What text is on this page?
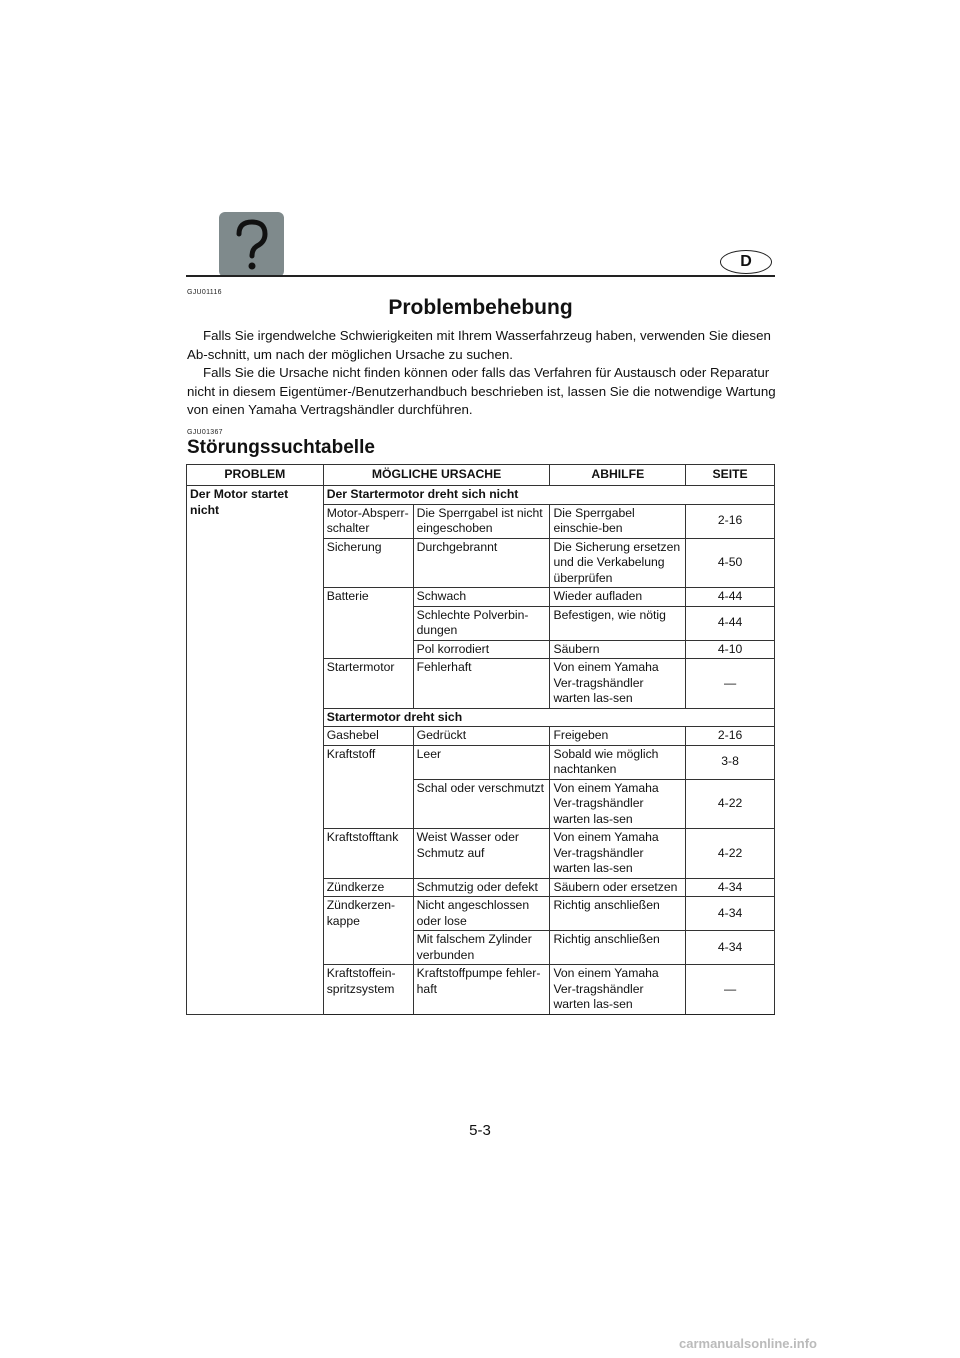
D
GJU01116
Problembehebung

Falls Sie irgendwelche Schwierigkeiten mit Ihrem Wasserfahrzeug haben, verwenden Sie diesen Ab-schnitt, um nach der möglichen Ursache zu suchen.

Falls Sie die Ursache nicht finden können oder falls das Verfahren für Austausch oder Reparatur nicht in diesem Eigentümer-/Benutzerhandbuch beschrieben ist, lassen Sie die notwendige Wartung von einen Yamaha Vertragshändler durchführen.

GJU01367
Störungssuchtabelle
PROBLEM	MÖGLICHE URSACHE		ABHILFE	SEITE
Der Motor startet nicht	Der Startermotor dreht sich nicht			
	Motor-Absperr-schalter	Die Sperrgabel ist nicht eingeschoben	Die Sperrgabel einschie-ben	2-16
	Sicherung	Durchgebrannt	Die Sicherung ersetzen und die Verkabelung überprüfen	4-50
	Batterie	Schwach	Wieder aufladen	4-44
		Schlechte Polverbin-dungen	Befestigen, wie nötig	4-44
		Pol korrodiert	Säubern	4-10
	Startermotor	Fehlerhaft	Von einem Yamaha Ver-tragshändler warten las-sen	—
	Startermotor dreht sich			
	Gashebel	Gedrückt	Freigeben	2-16
	Kraftstoff	Leer	Sobald wie möglich nachtanken	3-8
		Schal oder verschmutzt	Von einem Yamaha Ver-tragshändler warten las-sen	4-22
	Kraftstofftank	Weist Wasser oder Schmutz auf	Von einem Yamaha Ver-tragshändler warten las-sen	4-22
	Zündkerze	Schmutzig oder defekt	Säubern oder ersetzen	4-34
	Zündkerzen-kappe	Nicht angeschlossen oder lose	Richtig anschließen	4-34
		Mit falschem Zylinder verbunden	Richtig anschließen	4-34
	Kraftstoffein-spritzsystem	Kraftstoffpumpe fehler-haft	Von einem Yamaha Ver-tragshändler warten las-sen	—
5-3
carmanualsonline.info
